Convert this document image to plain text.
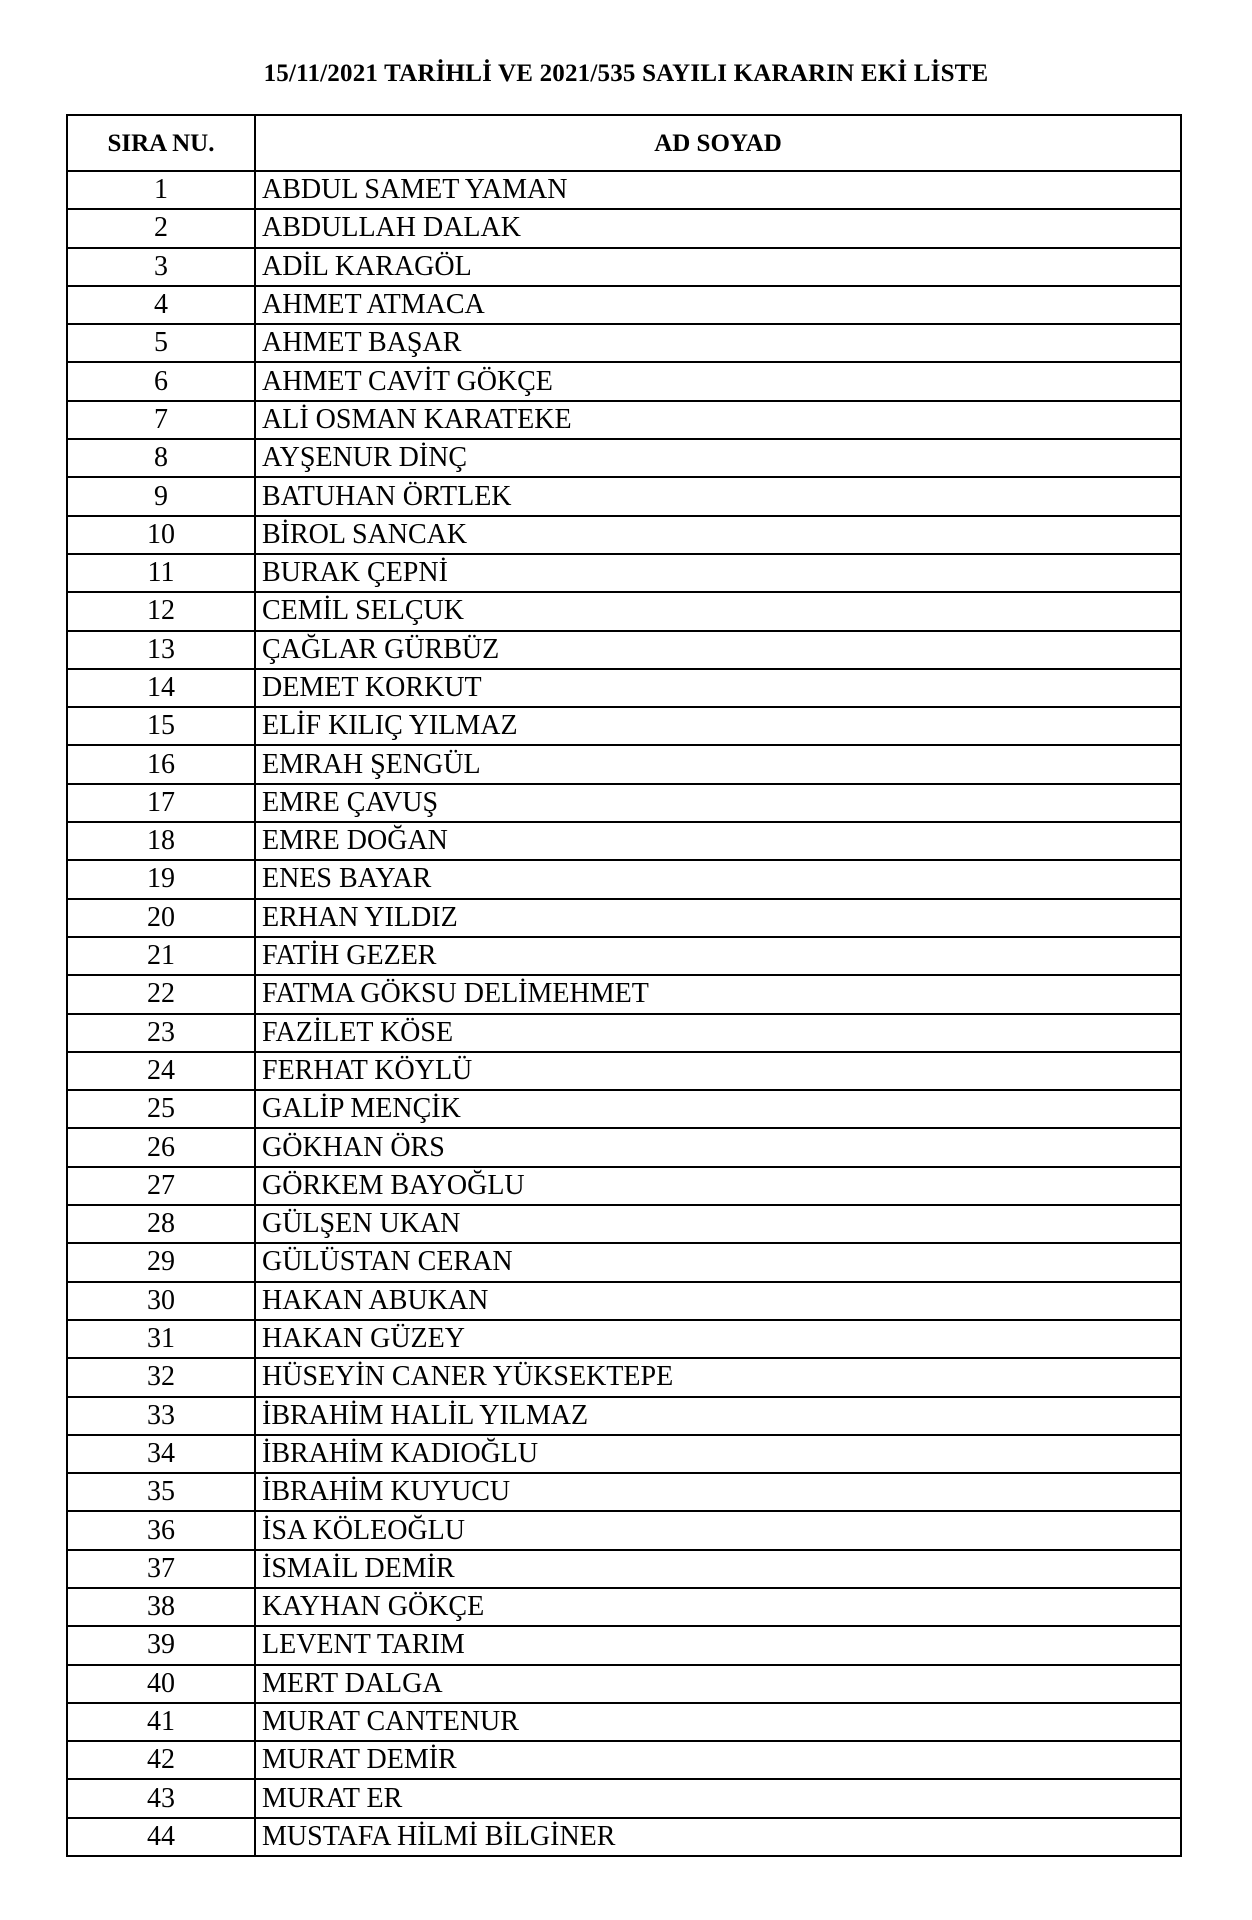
15/11/2021 TARİHLİ VE 2021/535 SAYILI KARARIN EKİ LİSTE
SIRA NU.	AD SOYAD
1	ABDUL SAMET YAMAN
2	ABDULLAH DALAK
3	ADİL KARAGÖL
4	AHMET ATMACA
5	AHMET BAŞAR
6	AHMET CAVİT GÖKÇE
7	ALİ OSMAN KARATEKE
8	AYŞENUR DİNÇ
9	BATUHAN ÖRTLEK
10	BİROL SANCAK
11	BURAK ÇEPNİ
12	CEMİL SELÇUK
13	ÇAĞLAR GÜRBÜZ
14	DEMET KORKUT
15	ELİF KILIÇ YILMAZ
16	EMRAH ŞENGÜL
17	EMRE ÇAVUŞ
18	EMRE DOĞAN
19	ENES BAYAR
20	ERHAN YILDIZ
21	FATİH GEZER
22	FATMA GÖKSU DELİMEHMET
23	FAZİLET KÖSE
24	FERHAT KÖYLÜ
25	GALİP MENÇİK
26	GÖKHAN ÖRS
27	GÖRKEM BAYOĞLU
28	GÜLŞEN UKAN
29	GÜLÜSTAN CERAN
30	HAKAN ABUKAN
31	HAKAN GÜZEY
32	HÜSEYİN CANER YÜKSEKTEPE
33	İBRAHİM HALİL YILMAZ
34	İBRAHİM KADIOĞLU
35	İBRAHİM KUYUCU
36	İSA KÖLEOĞLU
37	İSMAİL DEMİR
38	KAYHAN GÖKÇE
39	LEVENT TARIM
40	MERT DALGA
41	MURAT CANTENUR
42	MURAT DEMİR
43	MURAT ER
44	MUSTAFA HİLMİ BİLGİNER
